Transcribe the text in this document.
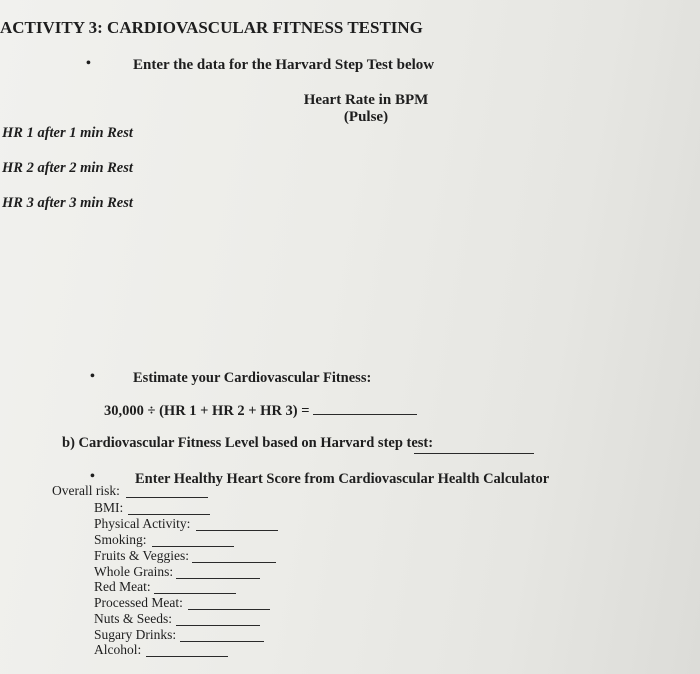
ACTIVITY 3: CARDIOVASCULAR FITNESS TESTING
•	Enter the data for the Harvard Step Test below
Heart Rate in BPM
(Pulse)
HR 1 after 1 min Rest
HR 2 after 2 min Rest
HR 3 after 3 min Rest
•	Estimate your Cardiovascular Fitness:
30,000 ÷ (HR 1 + HR 2 + HR 3) =
b) Cardiovascular Fitness Level based on Harvard step test:
•	Enter Healthy Heart Score from Cardiovascular Health Calculator
Overall risk:
BMI:
Physical Activity:
Smoking:
Fruits & Veggies:
Whole Grains:
Red Meat:
Processed Meat:
Nuts & Seeds:
Sugary Drinks:
Alcohol:
